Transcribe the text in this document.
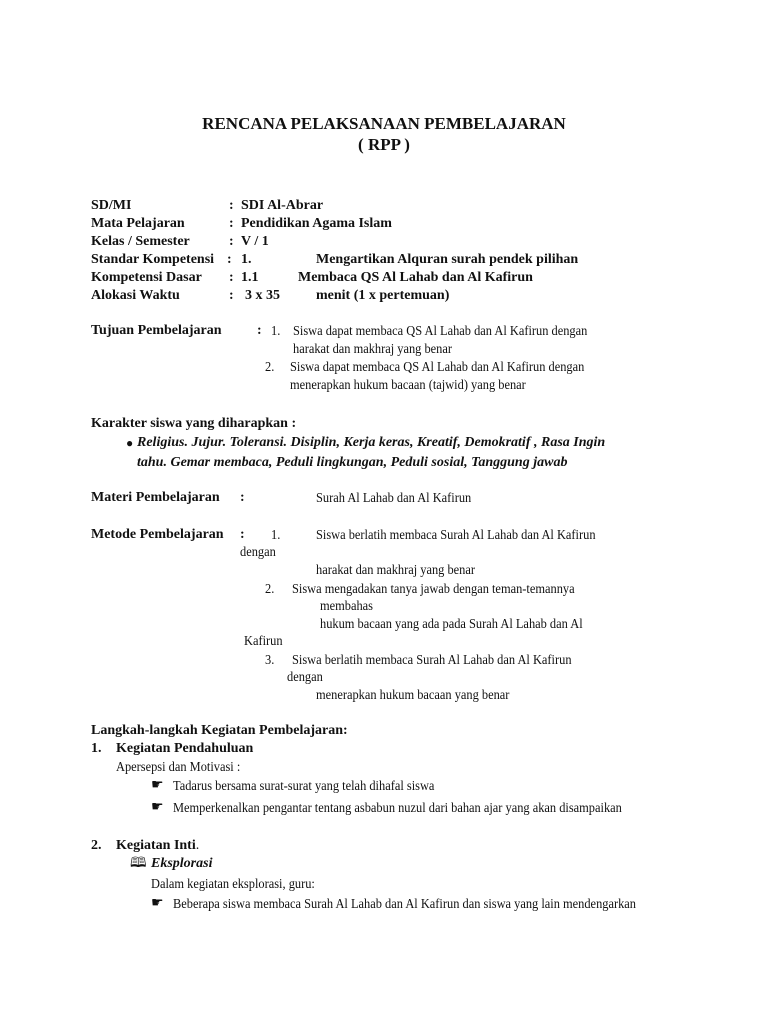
RENCANA PELAKSANAAN PEMBELAJARAN
( RPP )
SD/MI	: SDI Al-Abrar
Mata Pelajaran	: Pendidikan Agama Islam
Kelas / Semester	: V / 1
Standar Kompetensi : 1.	Mengartikan Alquran surah pendek pilihan
Kompetensi Dasar : 1.1	Membaca QS Al Lahab dan Al Kafirun
Alokasi Waktu	: 3 x 35	menit (1 x pertemuan)
Tujuan Pembelajaran	: 1. Siswa dapat membaca QS Al Lahab dan Al Kafirun dengan
harakat dan makhraj yang benar
2. Siswa dapat membaca QS Al Lahab dan Al Kafirun dengan
menerapkan hukum bacaan (tajwid) yang benar
Karakter siswa yang diharapkan :
● Religius. Jujur. Toleransi. Disiplin, Kerja keras, Kreatif, Demokratif , Rasa Ingin
tahu. Gemar membaca, Peduli lingkungan, Peduli sosial, Tanggung jawab
Materi Pembelajaran :	Surah Al Lahab dan Al Kafirun
Metode Pembelajaran : 1.	Siswa berlatih membaca Surah Al Lahab dan Al Kafirun
dengan
harakat dan makhraj yang benar
2. Siswa mengadakan tanya jawab dengan teman-temannya
membahas
hukum bacaan yang ada pada Surah Al Lahab dan Al
Kafirun
3. Siswa berlatih membaca Surah Al Lahab dan Al Kafirun
dengan
menerapkan hukum bacaan yang benar
Langkah-langkah Kegiatan Pembelajaran:
1. Kegiatan Pendahuluan
Apersepsi dan Motivasi :
☛ Tadarus bersama surat-surat yang telah dihafal siswa
☛ Memperkenalkan pengantar tentang asbabun nuzul dari bahan ajar yang akan disampaikan
2. Kegiatan Inti.
🕮 Eksplorasi
Dalam kegiatan eksplorasi, guru:
☛ Beberapa siswa membaca Surah Al Lahab dan Al Kafirun dan siswa yang lain mendengarkan
